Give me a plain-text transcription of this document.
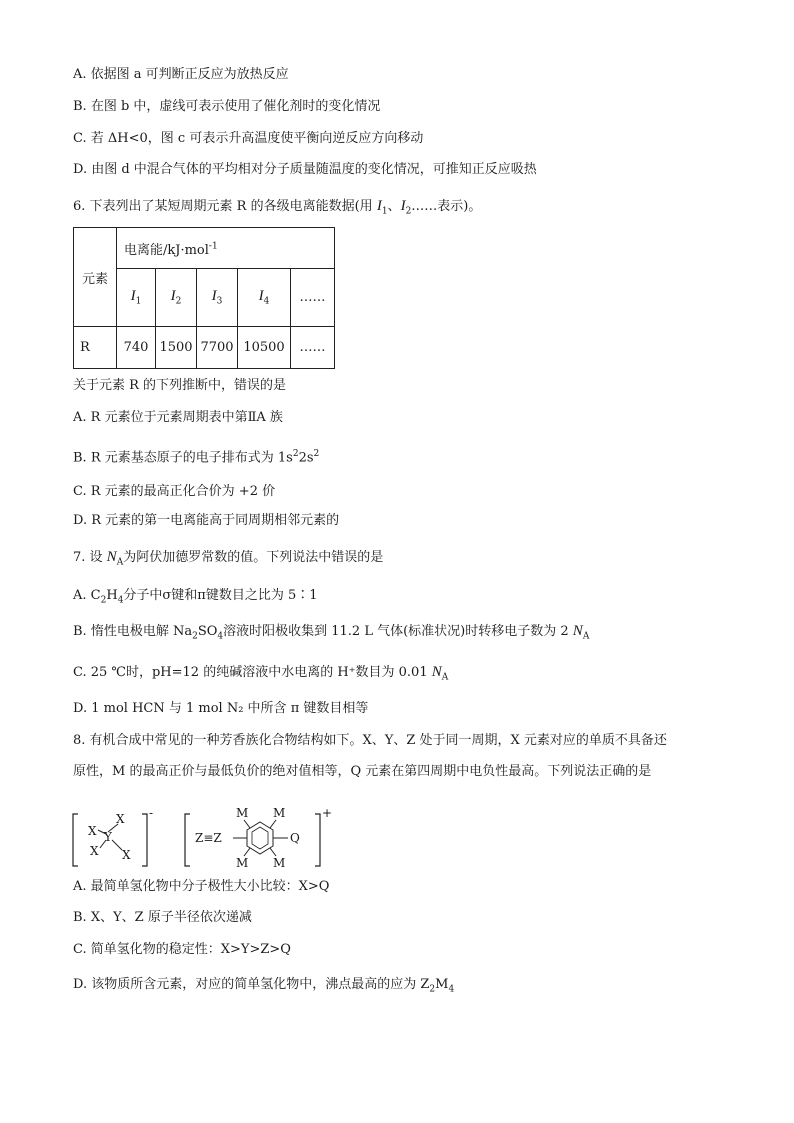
A. 依据图 a 可判断正反应为放热反应
B. 在图 b 中，虚线可表示使用了催化剂时的变化情况
C. 若 ΔH<0，图 c 可表示升高温度使平衡向逆反应方向移动
D. 由图 d 中混合气体的平均相对分子质量随温度的变化情况，可推知正反应吸热
6. 下表列出了某短周期元素 R 的各级电离能数据(用 $I_1$、$I_2\dots\dots$表示)。
元素	电离能/kJ·mol$^{-1}$
	$I_1$	$I_2$	$I_3$	$I_4$	……
R	740	1500	7700	10500	……
关于元素 R 的下列推断中，错误的是
A. R 元素位于元素周期表中第ⅡA 族
B. R 元素基态原子的电子排布式为 $1s^22s^2$
C. R 元素的最高正化合价为 +2 价
D. R 元素的第一电离能高于同周期相邻元素的
7. 设 $N_A$为阿伏加德罗常数的值。下列说法中错误的是
A. $C_2H_4$分子中σ键和π键数目之比为 5∶1
B. 惰性电极电解 $Na_2SO_4$溶液时阳极收集到 11.2 L 气体(标准状况)时转移电子数为 2 $N_A$
C. 25 ℃时，pH=12 的纯碱溶液中水电离的 H⁺数目为 0.01 $N_A$
D. 1 mol HCN 与 1 mol N₂ 中所含 π 键数目相等
8. 有机合成中常见的一种芳香族化合物结构如下。X、Y、Z 处于同一周期，X 元素对应的单质不具备还
原性，M 的最高正价与最低负价的绝对值相等，Q 元素在第四周期中电负性最高。下列说法正确的是
X
X Y
X X
-	M M
Z≡Z	Q
M M
+
A. 最简单氢化物中分子极性大小比较：X>Q
B. X、Y、Z 原子半径依次递减
C. 简单氢化物的稳定性：X>Y>Z>Q
D. 该物质所含元素，对应的简单氢化物中，沸点最高的应为 $Z_2M_4$
